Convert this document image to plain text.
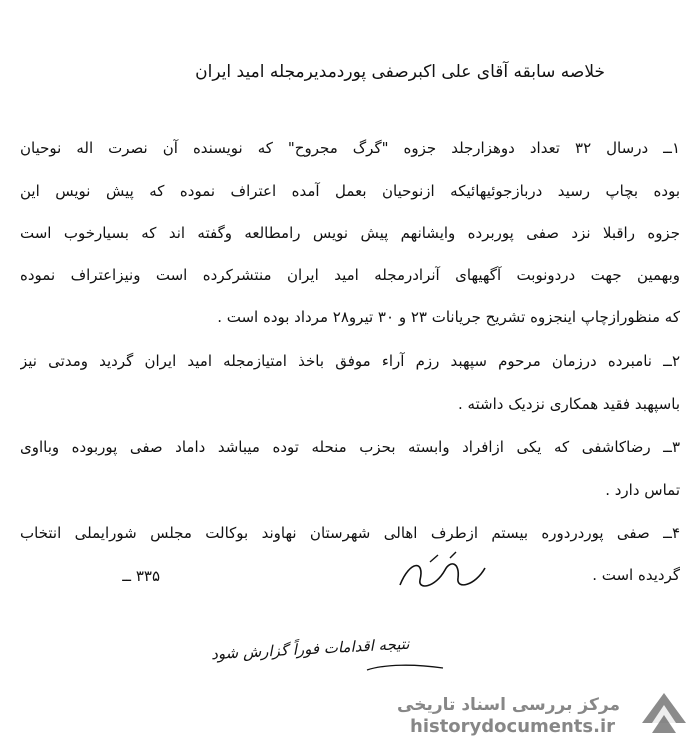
خلاصه سابقه آقای علی اکبرصفی پوردمدیرمجله امید ایران
۱ــ درسال ۳۲ تعداد دوهزارجلد جزوه "گرگ مجروح" که نویسنده آن نصرت اله نوحیان
بوده بچاپ رسید دربازجوئیهائیکه ازنوحیان بعمل آمده اعتراف نموده که پیش نویس این
جزوه راقبلا نزد صفی پوربرده وایشانهم پیش نویس رامطالعه وگفته اند که بسیارخوب است
وبهمین جهت دردونوبت آگهیهای آنرادرمجله امید ایران منتشرکرده است ونیزاعتراف نموده
که منظورازچاپ اینجزوه تشریح جریانات ۲۳ و ۳۰ تیرو۲۸ مرداد بوده است .
۲ــ نامبرده درزمان مرحوم سپهبد رزم آراء موفق باخذ امتیازمجله امید ایران گردید ومدتی نیز
باسپهبد فقید همکاری نزدیک داشته .
۳ــ رضاکاشفی که یکی ازافراد وابسته بحزب منحله توده میباشد داماد صفی پوربوده وبااوی
تماس دارد .
۴ــ صفی پوردردوره بیستم ازطرف اهالی شهرستان نهاوند بوکالت مجلس شورایملی انتخاب
گردیده است .
۳۳۵ ــ
نتیجه اقدامات فوراً گزارش شود
مرکز بررسی اسناد تاریخی
historydocuments.ir
